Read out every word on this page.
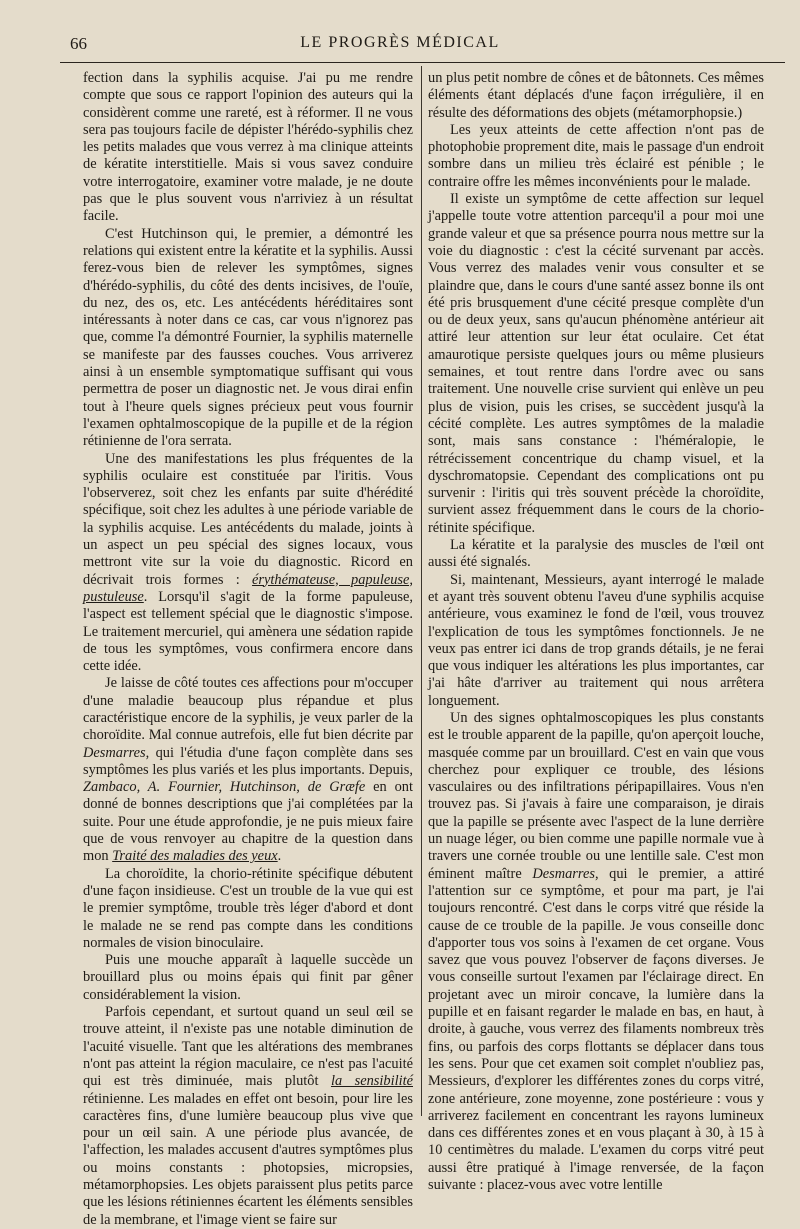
66	LE PROGRÈS MÉDICAL

fection dans la syphilis acquise. J'ai pu me rendre compte que sous ce rapport l'opinion des auteurs qui la considèrent comme une rareté, est à réformer. Il ne vous sera pas toujours facile de dépister l'hérédo-syphilis chez les petits malades que vous verrez à ma clinique atteints de kératite interstitielle. Mais si vous savez conduire votre interrogatoire, examiner votre malade, je ne doute pas que le plus souvent vous n'arriviez à un résultat facile.

C'est Hutchinson qui, le premier, a démontré les relations qui existent entre la kératite et la syphilis. Aussi ferez-vous bien de relever les symptômes, signes d'hérédo-syphilis, du côté des dents incisives, de l'ouïe, du nez, des os, etc. Les antécédents héréditaires sont intéressants à noter dans ce cas, car vous n'ignorez pas que, comme l'a démontré Fournier, la syphilis maternelle se manifeste par des fausses couches. Vous arriverez ainsi à un ensemble symptomatique suffisant qui vous permettra de poser un diagnostic net. Je vous dirai enfin tout à l'heure quels signes précieux peut vous fournir l'examen ophtalmoscopique de la pupille et de la région rétinienne de l'ora serrata.

Une des manifestations les plus fréquentes de la syphilis oculaire est constituée par l'iritis. Vous l'observerez, soit chez les enfants par suite d'hérédité spécifique, soit chez les adultes à une période variable de la syphilis acquise. Les antécédents du malade, joints à un aspect un peu spécial des signes locaux, vous mettront vite sur la voie du diagnostic. Ricord en décrivait trois formes : érythémateuse, papuleuse, pustuleuse. Lorsqu'il s'agit de la forme papuleuse, l'aspect est tellement spécial que le diagnostic s'impose. Le traitement mercuriel, qui amènera une sédation rapide de tous les symptômes, vous confirmera encore dans cette idée.

Je laisse de côté toutes ces affections pour m'occuper d'une maladie beaucoup plus répandue et plus caractéristique encore de la syphilis, je veux parler de la choroïdite. Mal connue autrefois, elle fut bien décrite par Desmarres, qui l'étudia d'une façon complète dans ses symptômes les plus variés et les plus importants. Depuis, Zambaco, A. Fournier, Hutchinson, de Græfe en ont donné de bonnes descriptions que j'ai complétées par la suite. Pour une étude approfondie, je ne puis mieux faire que de vous renvoyer au chapitre de la question dans mon Traité des maladies des yeux.

La choroïdite, la chorio-rétinite spécifique débutent d'une façon insidieuse. C'est un trouble de la vue qui est le premier symptôme, trouble très léger d'abord et dont le malade ne se rend pas compte dans les conditions normales de vision binoculaire.

Puis une mouche apparaît à laquelle succède un brouillard plus ou moins épais qui finit par gêner considérablement la vision.

Parfois cependant, et surtout quand un seul œil se trouve atteint, il n'existe pas une notable diminution de l'acuité visuelle. Tant que les altérations des membranes n'ont pas atteint la région maculaire, ce n'est pas l'acuité qui est très diminuée, mais plutôt la sensibilité rétinienne. Les malades en effet ont besoin, pour lire les caractères fins, d'une lumière beaucoup plus vive que pour un œil sain. A une période plus avancée, de l'affection, les malades accusent d'autres symptômes plus ou moins constants : photopsies, micropsies, métamorphopsies. Les objets paraissent plus petits parce que les lésions rétiniennes écartent les éléments sensibles de la membrane, et l'image vient se faire sur

un plus petit nombre de cônes et de bâtonnets. Ces mêmes éléments étant déplacés d'une façon irrégulière, il en résulte des déformations des objets (métamorphopsie.)

Les yeux atteints de cette affection n'ont pas de photophobie proprement dite, mais le passage d'un endroit sombre dans un milieu très éclairé est pénible ; le contraire offre les mêmes inconvénients pour le malade.

Il existe un symptôme de cette affection sur lequel j'appelle toute votre attention parcequ'il a pour moi une grande valeur et que sa présence pourra nous mettre sur la voie du diagnostic : c'est la cécité survenant par accès. Vous verrez des malades venir vous consulter et se plaindre que, dans le cours d'une santé assez bonne ils ont été pris brusquement d'une cécité presque complète d'un ou de deux yeux, sans qu'aucun phénomène antérieur ait attiré leur attention sur leur état oculaire. Cet état amaurotique persiste quelques jours ou même plusieurs semaines, et tout rentre dans l'ordre avec ou sans traitement. Une nouvelle crise survient qui enlève un peu plus de vision, puis les crises, se succèdent jusqu'à la cécité complète. Les autres symptômes de la maladie sont, mais sans constance : l'héméralopie, le rétrécissement concentrique du champ visuel, et la dyschromatopsie. Cependant des complications ont pu survenir : l'iritis qui très souvent précède la choroïdite, survient assez fréquemment dans le cours de la chorio-rétinite spécifique.

La kératite et la paralysie des muscles de l'œil ont aussi été signalés.

Si, maintenant, Messieurs, ayant interrogé le malade et ayant très souvent obtenu l'aveu d'une syphilis acquise antérieure, vous examinez le fond de l'œil, vous trouvez l'explication de tous les symptômes fonctionnels. Je ne veux pas entrer ici dans de trop grands détails, je ne ferai que vous indiquer les altérations les plus importantes, car j'ai hâte d'arriver au traitement qui nous arrêtera longuement.

Un des signes ophtalmoscopiques les plus constants est le trouble apparent de la papille, qu'on aperçoit louche, masquée comme par un brouillard. C'est en vain que vous cherchez pour expliquer ce trouble, des lésions vasculaires ou des infiltrations péripapillaires. Vous n'en trouvez pas. Si j'avais à faire une comparaison, je dirais que la papille se présente avec l'aspect de la lune derrière un nuage léger, ou bien comme une papille normale vue à travers une cornée trouble ou une lentille sale. C'est mon éminent maître Desmarres, qui le premier, a attiré l'attention sur ce symptôme, et pour ma part, je l'ai toujours rencontré. C'est dans le corps vitré que réside la cause de ce trouble de la papille. Je vous conseille donc d'apporter tous vos soins à l'examen de cet organe. Vous savez que vous pouvez l'observer de façons diverses. Je vous conseille surtout l'examen par l'éclairage direct. En projetant avec un miroir concave, la lumière dans la pupille et en faisant regarder le malade en bas, en haut, à droite, à gauche, vous verrez des filaments nombreux très fins, ou parfois des corps flottants se déplacer dans tous les sens. Pour que cet examen soit complet n'oubliez pas, Messieurs, d'explorer les différentes zones du corps vitré, zone antérieure, zone moyenne, zone postérieure : vous y arriverez facilement en concentrant les rayons lumineux dans ces différentes zones et en vous plaçant à 30, à 15 à 10 centimètres du malade. L'examen du corps vitré peut aussi être pratiqué à l'image renversée, de la façon suivante : placez-vous avec votre lentille
